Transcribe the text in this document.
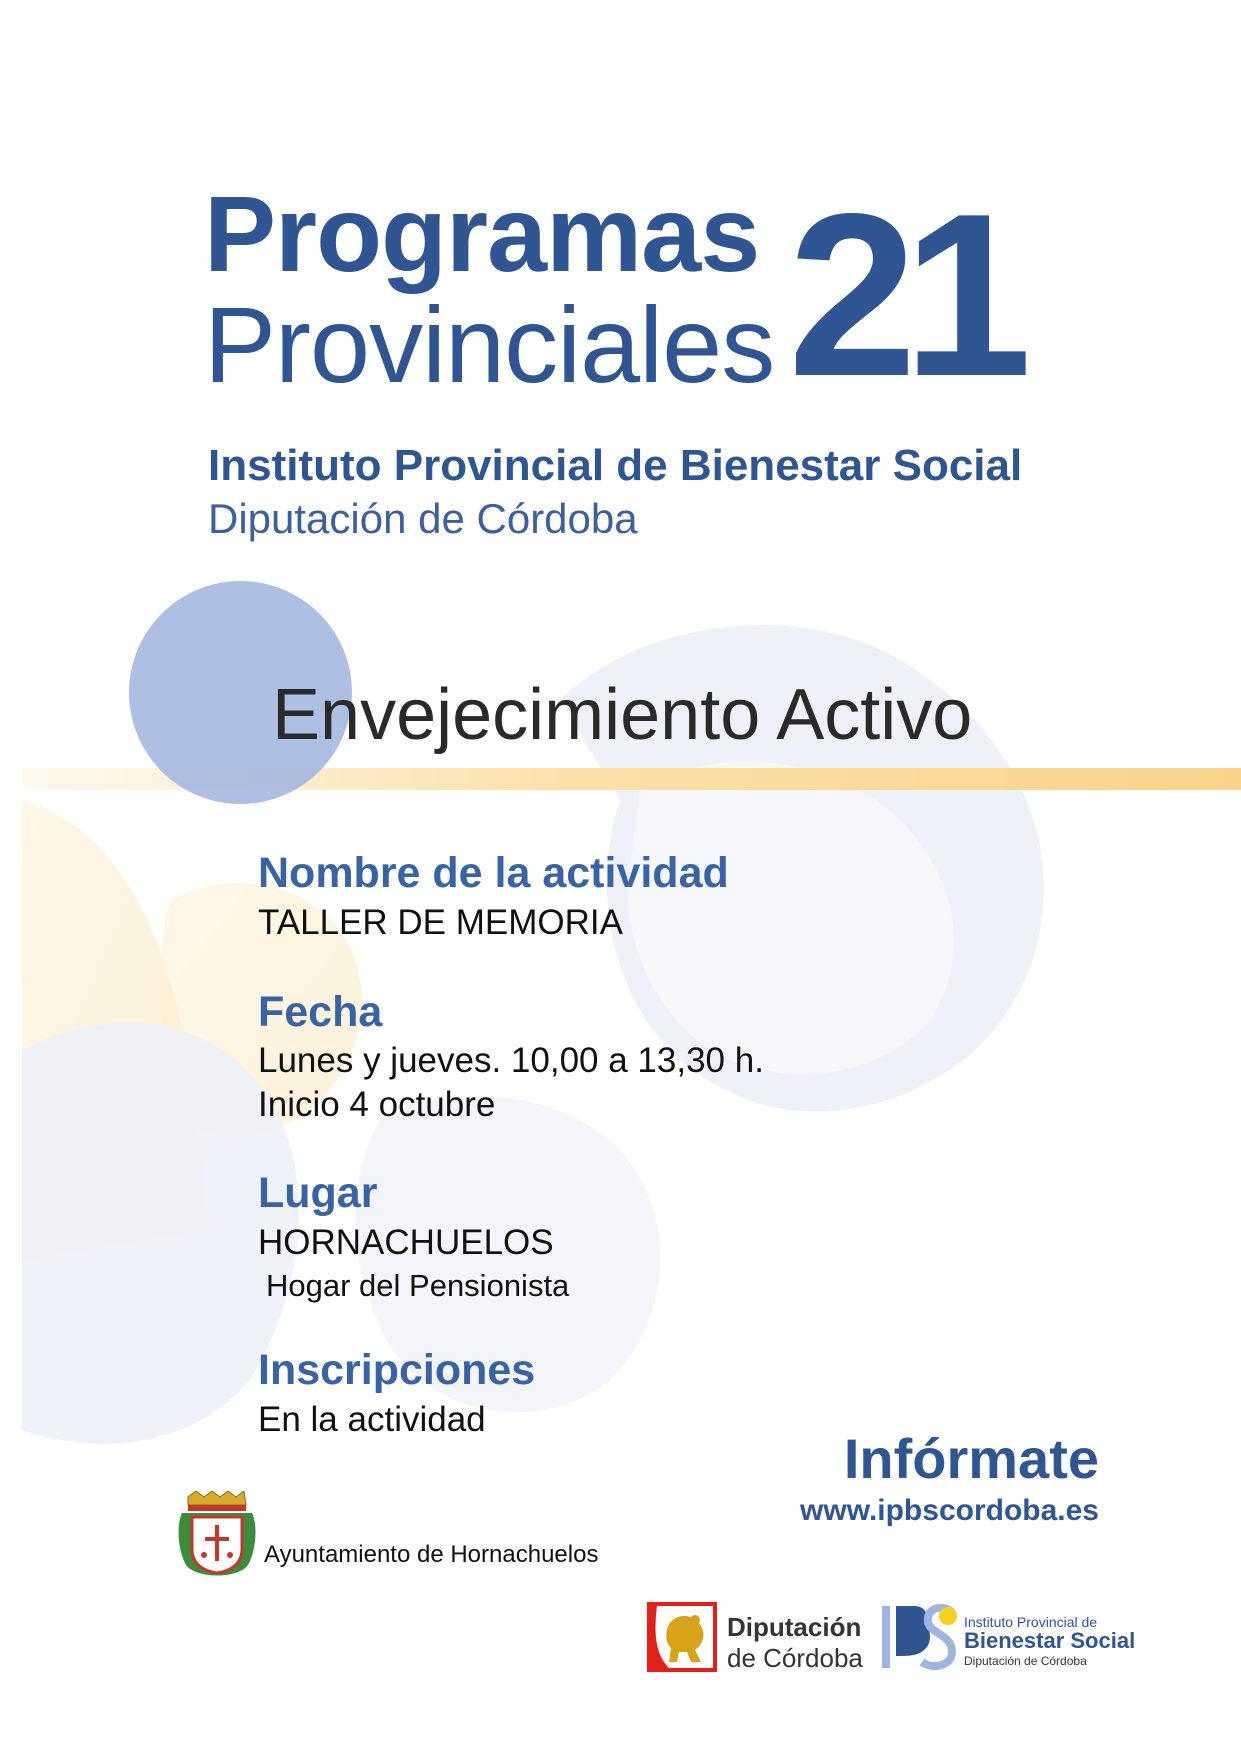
Programas
Provinciales 21
Instituto Provincial de Bienestar Social
Diputación de Córdoba
Envejecimiento Activo
Nombre de la actividad
TALLER DE MEMORIA
Fecha
Lunes y jueves. 10,00 a 13,30 h.
Inicio 4 octubre
Lugar
HORNACHUELOS
Hogar del Pensionista
Inscripciones
En la actividad
Infórmate
www.ipbscordoba.es
Ayuntamiento de Hornachuelos
Diputación
de Córdoba
Instituto Provincial de
Bienestar Social
Diputación de Córdoba
